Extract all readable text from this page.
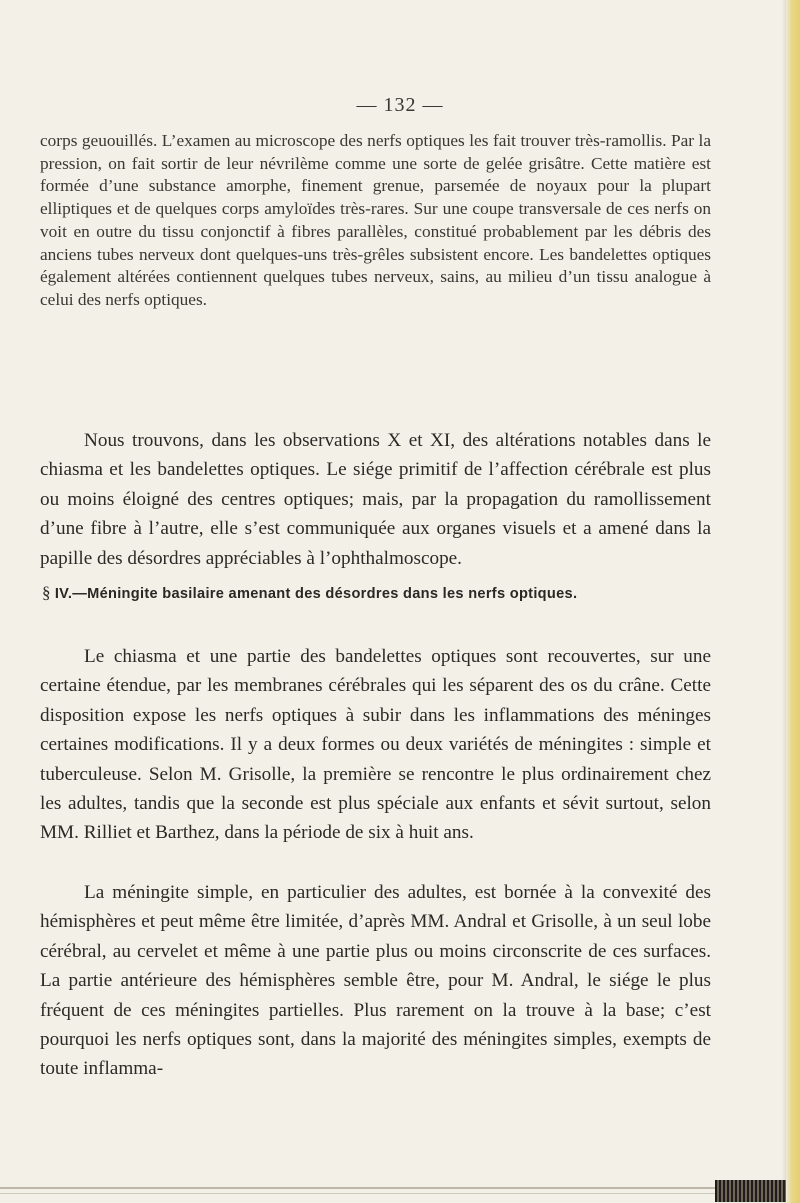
— 132 —

corps geuouillés. L’examen au microscope des nerfs optiques les fait trouver très-ramollis. Par la pression, on fait sortir de leur névrilème comme une sorte de gelée grisâtre. Cette matière est formée d’une substance amorphe, finement grenue, parsemée de noyaux pour la plupart elliptiques et de quelques corps amyloïdes très-rares. Sur une coupe transversale de ces nerfs on voit en outre du tissu conjonctif à fibres parallèles, constitué probablement par les débris des anciens tubes nerveux dont quelques-uns très-grêles subsistent encore. Les bandelettes optiques également altérées contiennent quelques tubes nerveux, sains, au milieu d’un tissu analogue à celui des nerfs optiques.

Nous trouvons, dans les observations X et XI, des altérations notables dans le chiasma et les bandelettes optiques. Le siége primitif de l’affection cérébrale est plus ou moins éloigné des centres optiques; mais, par la propagation du ramollissement d’une fibre à l’autre, elle s’est communiquée aux organes visuels et a amené dans la papille des désordres appréciables à l’ophthalmoscope.

§ IV.—Méningite basilaire amenant des désordres dans les nerfs optiques.

Le chiasma et une partie des bandelettes optiques sont recouvertes, sur une certaine étendue, par les membranes cérébrales qui les séparent des os du crâne. Cette disposition expose les nerfs optiques à subir dans les inflammations des méninges certaines modifications. Il y a deux formes ou deux variétés de méningites : simple et tuberculeuse. Selon M. Grisolle, la première se rencontre le plus ordinairement chez les adultes, tandis que la seconde est plus spéciale aux enfants et sévit surtout, selon MM. Rilliet et Barthez, dans la période de six à huit ans.

La méningite simple, en particulier des adultes, est bornée à la convexité des hémisphères et peut même être limitée, d’après MM. Andral et Grisolle, à un seul lobe cérébral, au cervelet et même à une partie plus ou moins circonscrite de ces surfaces. La partie antérieure des hémisphères semble être, pour M. Andral, le siége le plus fréquent de ces méningites partielles. Plus rarement on la trouve à la base; c’est pourquoi les nerfs optiques sont, dans la majorité des méningites simples, exempts de toute inflamma-
